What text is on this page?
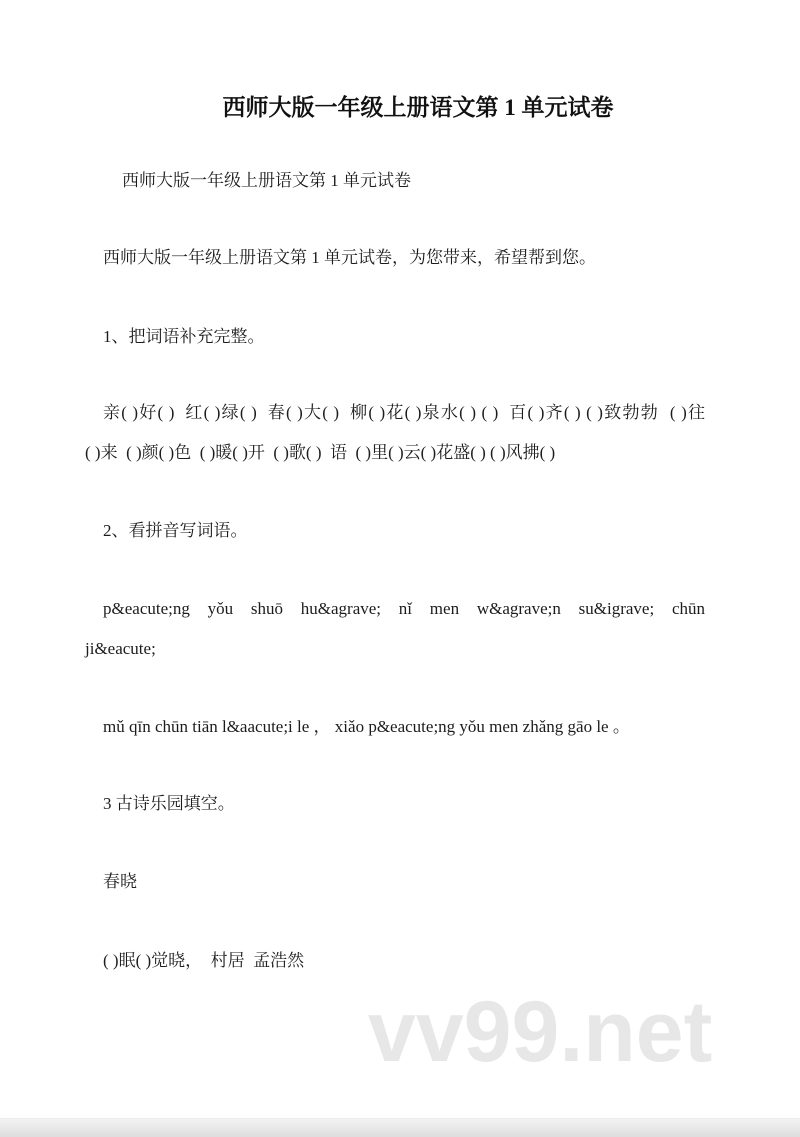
西师大版一年级上册语文第 1 单元试卷
西师大版一年级上册语文第 1 单元试卷
西师大版一年级上册语文第 1 单元试卷，为您带来，希望帮到您。
1、把词语补充完整。
亲( )好( )  红( )绿( )  春( )大( )  柳( )花( )泉水( ) ( )  百( )齐( ) ( )致勃勃  ( )往
( )来  ( )颜( )色  ( )暖( )开  ( )歌( )  语  ( )里( )云( )花盛( ) ( )风拂( )
2、看拼音写词语。
p&eacute;ng yǒu shuō hu&agrave; nǐ men w&agrave;n su&igrave; chūn
ji&eacute;
mǔ qīn chūn tiān l&aacute;i le ， xiǎo p&eacute;ng yǒu men zhǎng gāo le 。
3 古诗乐园填空。
春晓
( )眠( )觉晓，  村居  孟浩然
vv99.net
